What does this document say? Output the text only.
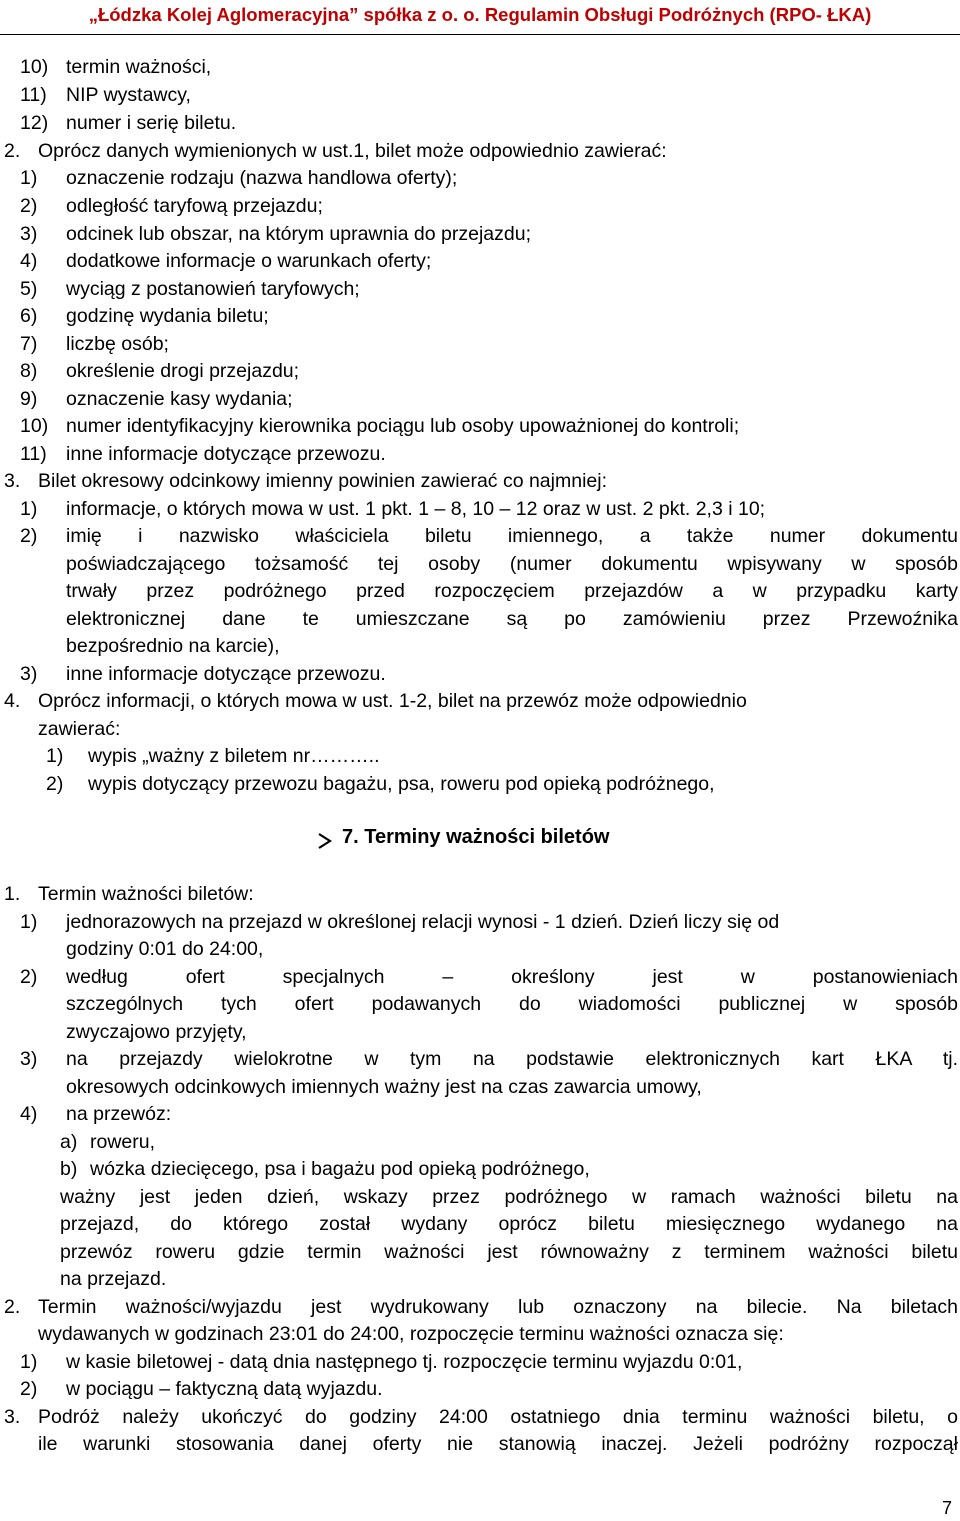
„Łódzka Kolej Aglomeracyjna” spółka z o. o. Regulamin Obsługi Podróżnych (RPO- ŁKA)
10) termin ważności,
11) NIP wystawcy,
12) numer i serię biletu.
2. Oprócz danych wymienionych w ust.1, bilet może odpowiednio zawierać:
1) oznaczenie rodzaju (nazwa handlowa oferty);
2) odległość taryfową przejazdu;
3) odcinek lub obszar, na którym uprawnia do przejazdu;
4) dodatkowe informacje o warunkach oferty;
5) wyciąg z postanowień taryfowych;
6) godzinę wydania biletu;
7) liczbę osób;
8) określenie drogi przejazdu;
9) oznaczenie kasy wydania;
10) numer identyfikacyjny kierownika pociągu lub osoby upoważnionej do kontroli;
11) inne informacje dotyczące przewozu.
3. Bilet okresowy odcinkowy imienny powinien zawierać co najmniej:
1) informacje, o których mowa w ust. 1 pkt. 1 – 8, 10 – 12 oraz w ust. 2 pkt. 2,3 i 10;
2) imię i nazwisko właściciela biletu imiennego, a także numer dokumentu
poświadczającego tożsamość tej osoby (numer dokumentu wpisywany w sposób
trwały przez podróżnego przed rozpoczęciem przejazdów a w przypadku karty
elektronicznej dane te umieszczane są po zamówieniu przez Przewoźnika
bezpośrednio na karcie),
3) inne informacje dotyczące przewozu.
4. Oprócz informacji, o których mowa w ust. 1-2, bilet na przewóz może odpowiednio
zawierać:
1) wypis „ważny z biletem nr………..
2) wypis dotyczący przewozu bagażu, psa, roweru pod opieką podróżnego,
7. Terminy ważności biletów
1. Termin ważności biletów:
1) jednorazowych na przejazd w określonej relacji wynosi - 1 dzień. Dzień liczy się od
godziny 0:01 do 24:00,
2) według ofert specjalnych – określony jest w postanowieniach
szczególnych tych ofert podawanych do wiadomości publicznej w sposób
zwyczajowo przyjęty,
3) na przejazdy wielokrotne w tym na podstawie elektronicznych kart ŁKA tj.
okresowych odcinkowych imiennych ważny jest na czas zawarcia umowy,
4) na przewóz:
a) roweru,
b) wózka dziecięcego, psa i bagażu pod opieką podróżnego,
ważny jest jeden dzień, wskazy przez podróżnego w ramach ważności biletu na
przejazd, do którego został wydany oprócz biletu miesięcznego wydanego na
przewóz roweru gdzie termin ważności jest równoważny z terminem ważności biletu
na przejazd.
2. Termin ważności/wyjazdu jest wydrukowany lub oznaczony na bilecie. Na biletach
wydawanych w godzinach 23:01 do 24:00, rozpoczęcie terminu ważności oznacza się:
1) w kasie biletowej - datą dnia następnego tj. rozpoczęcie terminu wyjazdu 0:01,
2) w pociągu – faktyczną datą wyjazdu.
3. Podróż należy ukończyć do godziny 24:00 ostatniego dnia terminu ważności biletu, o
ile warunki stosowania danej oferty nie stanowią inaczej. Jeżeli podróżny rozpoczął
7
